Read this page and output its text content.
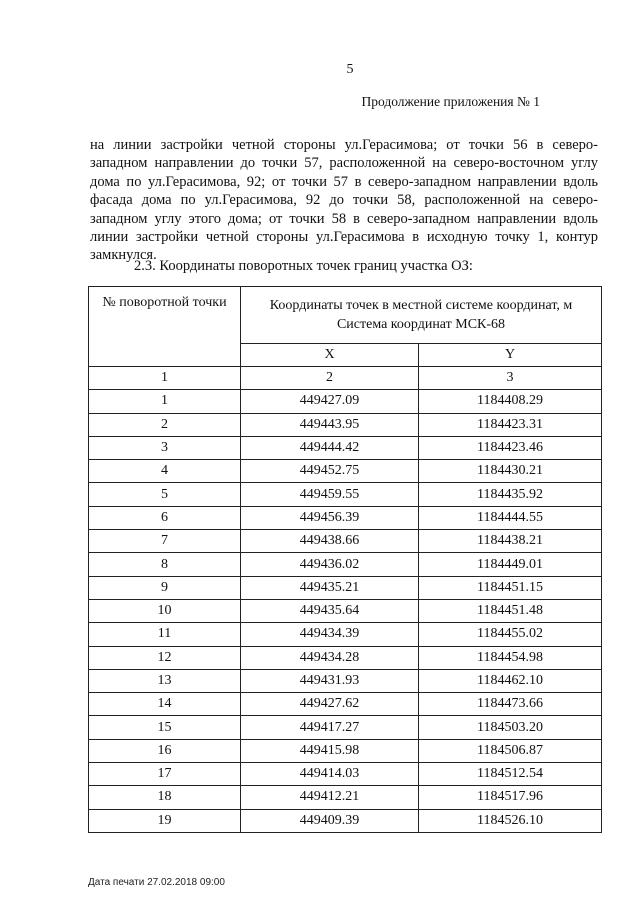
5
Продолжение приложения № 1

на линии застройки четной стороны ул.Герасимова; от точки 56 в северо-западном направлении до точки 57, расположенной на северо-восточном углу дома по ул.Герасимова, 92; от точки 57 в северо-западном направлении вдоль фасада дома по ул.Герасимова, 92 до точки 58, расположенной на северо-западном углу этого дома; от точки 58 в северо-западном направлении вдоль линии застройки четной стороны ул.Герасимова в исходную точку 1, контур замкнулся.

2.3. Координаты поворотных точек границ участка ОЗ:
№ поворотной точки	Координаты точек в местной системе координат, м
Система координат МСК-68	
	X	Y
1	2	3
1	449427.09	1184408.29
2	449443.95	1184423.31
3	449444.42	1184423.46
4	449452.75	1184430.21
5	449459.55	1184435.92
6	449456.39	1184444.55
7	449438.66	1184438.21
8	449436.02	1184449.01
9	449435.21	1184451.15
10	449435.64	1184451.48
11	449434.39	1184455.02
12	449434.28	1184454.98
13	449431.93	1184462.10
14	449427.62	1184473.66
15	449417.27	1184503.20
16	449415.98	1184506.87
17	449414.03	1184512.54
18	449412.21	1184517.96
19	449409.39	1184526.10
Дата печати 27.02.2018 09:00
